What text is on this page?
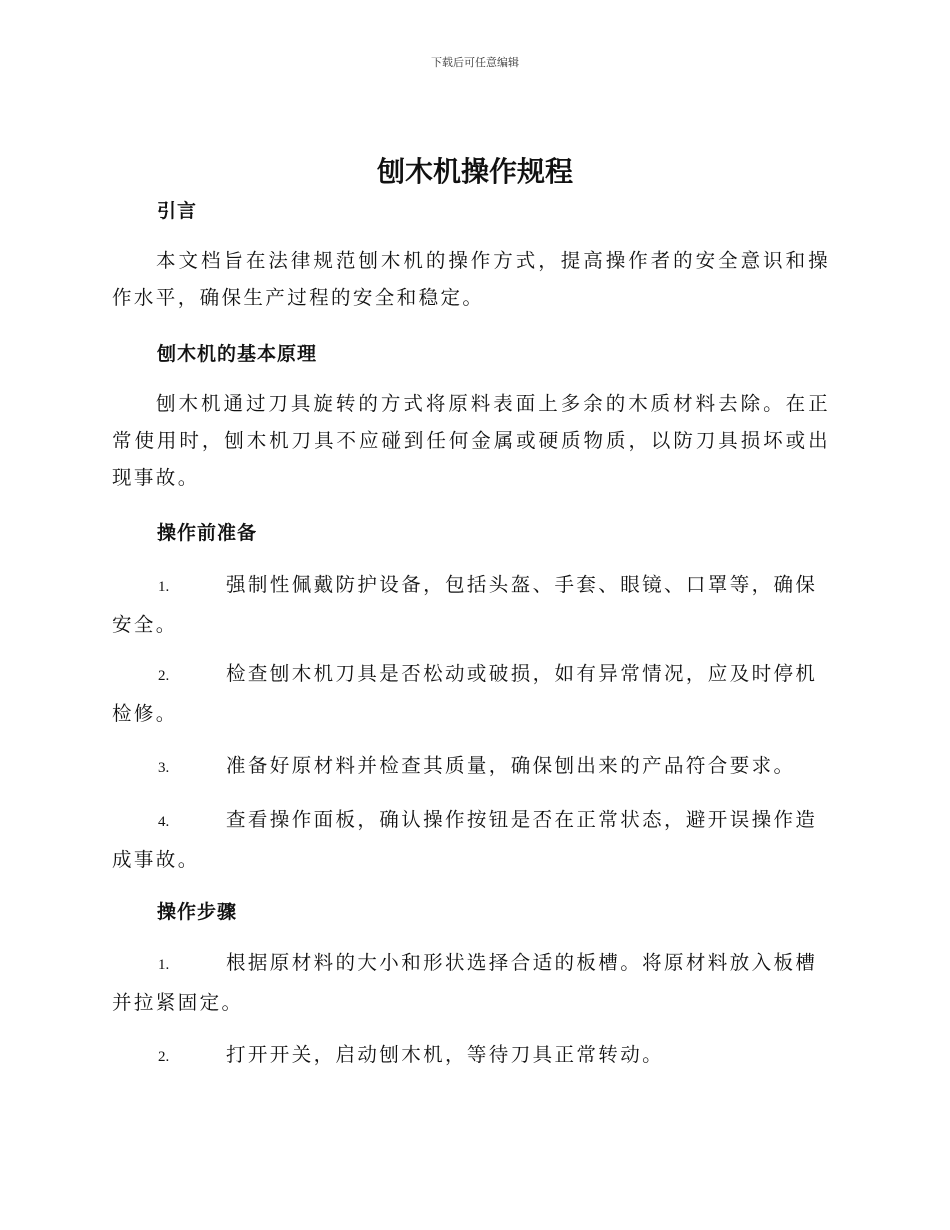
下载后可任意编辑
刨木机操作规程
引言
本文档旨在法律规范刨木机的操作方式，提高操作者的安全意识和操作水平，确保生产过程的安全和稳定。
刨木机的基本原理
刨木机通过刀具旋转的方式将原料表面上多余的木质材料去除。在正常使用时，刨木机刀具不应碰到任何金属或硬质物质，以防刀具损坏或出现事故。
操作前准备
1.	强制性佩戴防护设备，包括头盔、手套、眼镜、口罩等，确保安全。
2.	检查刨木机刀具是否松动或破损，如有异常情况，应及时停机检修。
3.	准备好原材料并检查其质量，确保刨出来的产品符合要求。
4.	查看操作面板，确认操作按钮是否在正常状态，避开误操作造成事故。
操作步骤
1.	根据原材料的大小和形状选择合适的板槽。将原材料放入板槽并拉紧固定。
2.	打开开关，启动刨木机，等待刀具正常转动。
